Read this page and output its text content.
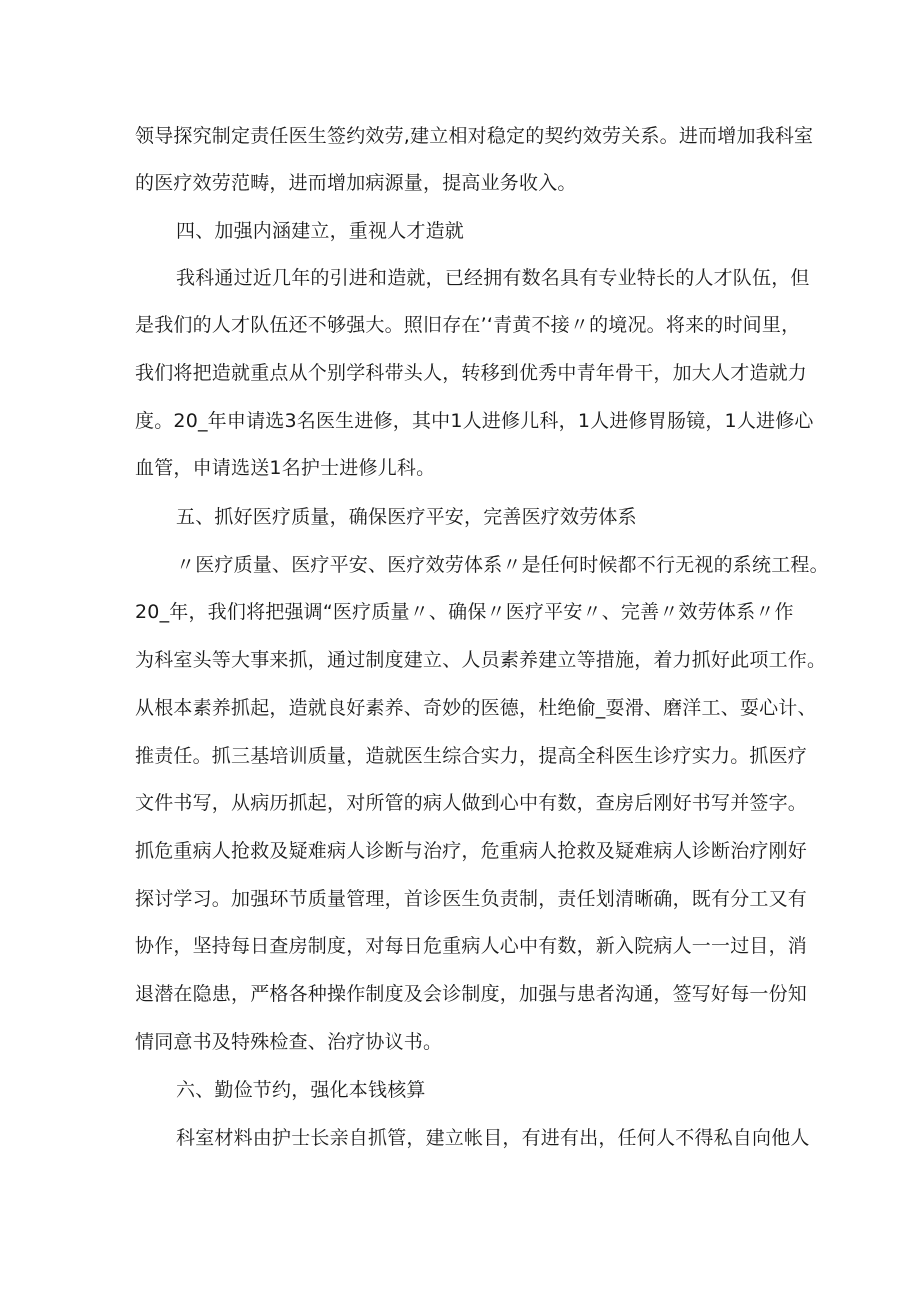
领导探究制定责任医生签约效劳,建立相对稳定的契约效劳关系。进而增加我科室
的医疗效劳范畴，进而增加病源量，提高业务收入。
四、加强内涵建立，重视人才造就
我科通过近几年的引进和造就，已经拥有数名具有专业特长的人才队伍，但
是我们的人才队伍还不够强大。照旧存在’‘青黄不接〃的境况。将来的时间里，
我们将把造就重点从个别学科带头人，转移到优秀中青年骨干，加大人才造就力
度。20_年申请选3名医生进修，其中1人进修儿科，1人进修胃肠镜，1人进修心
血管，申请选送1名护士进修儿科。
五、抓好医疗质量，确保医疗平安，完善医疗效劳体系
〃医疗质量、医疗平安、医疗效劳体系〃是任何时候都不行无视的系统工程。
20_年，我们将把强调“医疗质量〃、确保〃医疗平安〃、完善〃效劳体系〃作
为科室头等大事来抓，通过制度建立、人员素养建立等措施，着力抓好此项工作。
从根本素养抓起，造就良好素养、奇妙的医德，杜绝偷_耍滑、磨洋工、耍心计、
推责任。抓三基培训质量，造就医生综合实力，提高全科医生诊疗实力。抓医疗
文件书写，从病历抓起，对所管的病人做到心中有数，查房后刚好书写并签字。
抓危重病人抢救及疑难病人诊断与治疗，危重病人抢救及疑难病人诊断治疗刚好
探讨学习。加强环节质量管理，首诊医生负责制，责任划清晰确，既有分工又有
协作，坚持每日查房制度，对每日危重病人心中有数，新入院病人一一过目，消
退潜在隐患，严格各种操作制度及会诊制度，加强与患者沟通，签写好每一份知
情同意书及特殊检查、治疗协议书。
六、勤俭节约，强化本钱核算
科室材料由护士长亲自抓管，建立帐目，有进有出，任何人不得私自向他人
